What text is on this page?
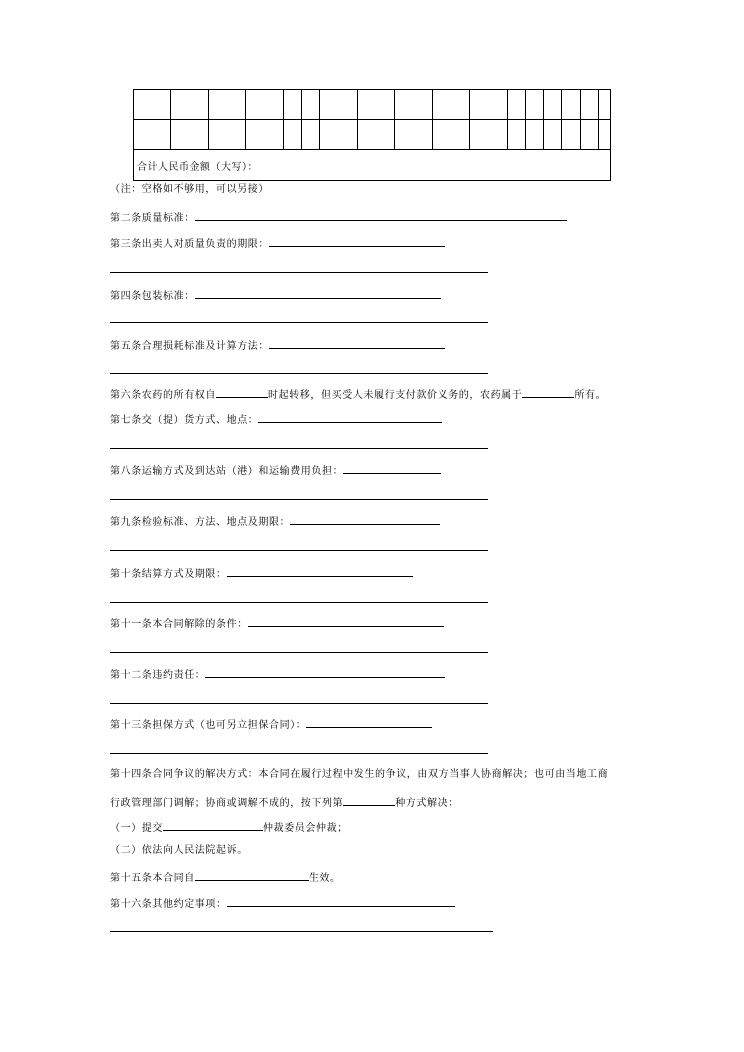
合计人民币金额（大写）：																
（注：空格如不够用，可以另接）
第二条质量标准：
第三条出卖人对质量负责的期限：
第四条包装标准：
第五条合理损耗标准及计算方法：
第六条农药的所有权自	时起转移，但买受人未履行支付款价义务的，农药属于	所有。
第七条交（提）货方式、地点：
第八条运输方式及到达站（港）和运输费用负担：
第九条检验标准、方法、地点及期限：
第十条结算方式及期限：
第十一条本合同解除的条件：
第十二条违约责任：
第十三条担保方式（也可另立担保合同）：
第十四条合同争议的解决方式：本合同在履行过程中发生的争议，由双方当事人协商解决；也可由当地工商
行政管理部门调解；协商或调解不成的，按下列第	种方式解决：
（一）提交	仲裁委员会仲裁；
（二）依法向人民法院起诉。
第十五条本合同自	生效。
第十六条其他约定事项：
